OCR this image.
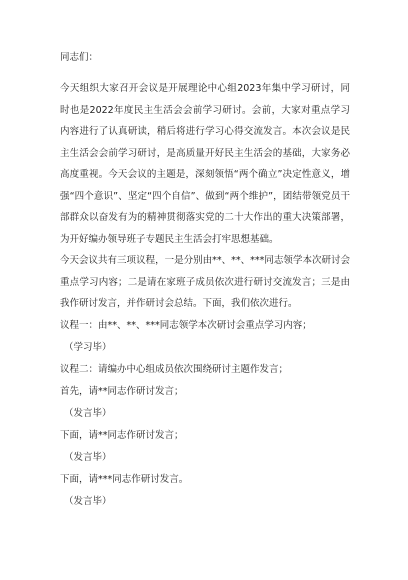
同志们：

今天组织大家召开会议是开展理论中心组2023年集中学习研讨，同时也是2022年度民主生活会会前学习研讨。会前，大家对重点学习内容进行了认真研读，稍后将进行学习心得交流发言。本次会议是民主生活会会前学习研讨，是高质量开好民主生活会的基础，大家务必高度重视。今天会议的主题是，深刻领悟“两个确立”决定性意义，增强“四个意识”、坚定“四个自信”、做到“两个维护”，团结带领党员干部群众以奋发有为的精神贯彻落实党的二十大作出的重大决策部署，为开好编办领导班子专题民主生活会打牢思想基础。

今天会议共有三项议程，一是分别由**、**、***同志领学本次研讨会重点学习内容；二是请在家班子成员依次进行研讨交流发言；三是由我作研讨发言，并作研讨会总结。下面，我们依次进行。

议程一：由**、**、***同志领学本次研讨会重点学习内容；
（学习毕）
议程二：请编办中心组成员依次围绕研讨主题作发言；
首先，请**同志作研讨发言；
（发言毕）
下面，请**同志作研讨发言；
（发言毕）
下面，请***同志作研讨发言。
（发言毕）
